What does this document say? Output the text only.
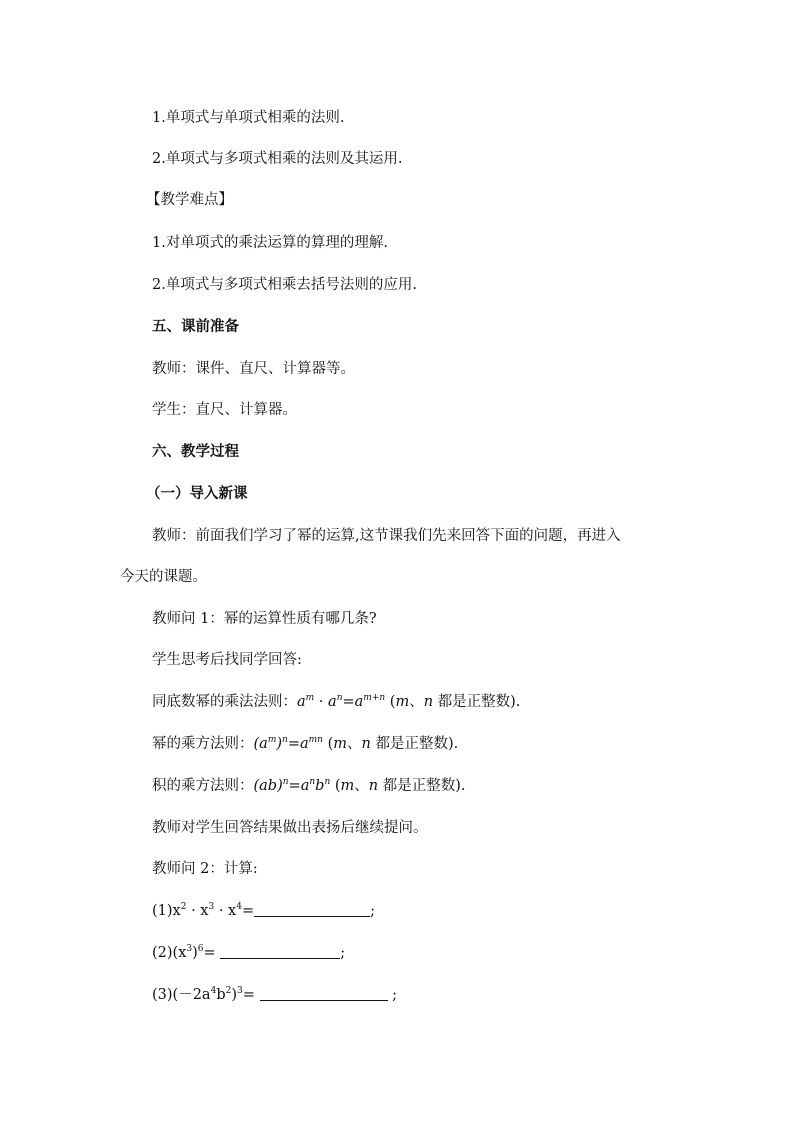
1.单项式与单项式相乘的法则.
2.单项式与多项式相乘的法则及其运用.
【教学难点】
1.对单项式的乘法运算的算理的理解.
2.单项式与多项式相乘去括号法则的应用.
五、课前准备
教师：课件、直尺、计算器等。
学生：直尺、计算器。
六、教学过程
（一）导入新课
教师：前面我们学习了幂的运算,这节课我们先来回答下面的问题，再进入
今天的课题。
教师问 1：幂的运算性质有哪几条?
学生思考后找同学回答:
同底数幂的乘法法则：$a^m \cdot a^n=a^{m+n}$ (m、n 都是正整数).
幂的乘方法则：$(a^m)^n=a^{mn}$ (m、n 都是正整数).
积的乘方法则：$(ab)^n=a^nb^n$ (m、n 都是正整数).
教师对学生回答结果做出表扬后继续提问。
教师问 2：计算:
$(1)x^2 \cdot x^3 \cdot x^4=$	;
$(2)(x^3)^6=$	;
$(3)(-2a^4b^2)^3=$	;
